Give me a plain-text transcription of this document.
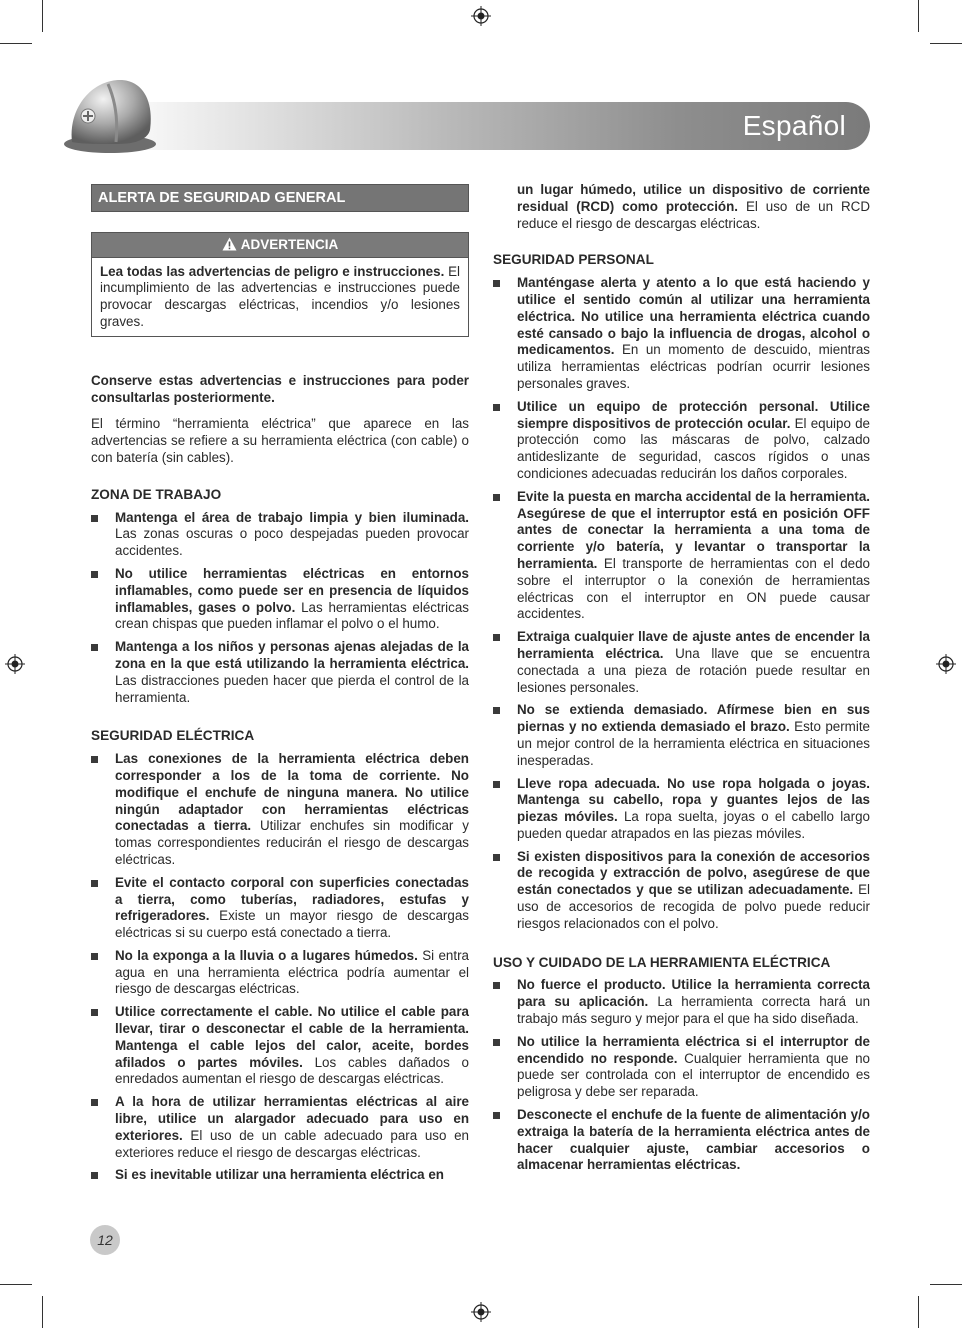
Español
ALERTA DE SEGURIDAD GENERAL
ADVERTENCIA
Lea todas las advertencias de peligro e instrucciones. El incumplimiento de las advertencias e instrucciones puede provocar descargas eléctricas, incendios y/o lesiones graves.

Conserve estas advertencias e instrucciones para poder consultarlas posteriormente.

El término “herramienta eléctrica” que aparece en las advertencias se refiere a su herramienta eléctrica (con cable) o con batería (sin cables).

ZONA DE TRABAJO
Mantenga el área de trabajo limpia y bien iluminada. Las zonas oscuras o poco despejadas pueden provocar accidentes.
No utilice herramientas eléctricas en entornos inflamables, como puede ser en presencia de líquidos inflamables, gases o polvo. Las herramientas eléctricas crean chispas que pueden inflamar el polvo o el humo.
Mantenga a los niños y personas ajenas alejadas de la zona en la que está utilizando la herramienta eléctrica. Las distracciones pueden hacer que pierda el control de la herramienta.
SEGURIDAD ELÉCTRICA
Las conexiones de la herramienta eléctrica deben corresponder a los de la toma de corriente. No modifique el enchufe de ninguna manera. No utilice ningún adaptador con herramientas eléctricas conectadas a tierra. Utilizar enchufes sin modificar y tomas correspondientes reducirán el riesgo de descargas eléctricas.
Evite el contacto corporal con superficies conectadas a tierra, como tuberías, radiadores, estufas y refrigeradores. Existe un mayor riesgo de descargas eléctricas si su cuerpo está conectado a tierra.
No la exponga a la lluvia o a lugares húmedos. Si entra agua en una herramienta eléctrica podría aumentar el riesgo de descargas eléctricas.
Utilice correctamente el cable. No utilice el cable para llevar, tirar o desconectar el cable de la herramienta. Mantenga el cable lejos del calor, aceite, bordes afilados o partes móviles. Los cables dañados o enredados aumentan el riesgo de descargas eléctricas.
A la hora de utilizar herramientas eléctricas al aire libre, utilice un alargador adecuado para uso en exteriores. El uso de un cable adecuado para uso en exteriores reduce el riesgo de descargas eléctricas.
Si es inevitable utilizar una herramienta eléctrica en

un lugar húmedo, utilice un dispositivo de corriente residual (RCD) como protección. El uso de un RCD reduce el riesgo de descargas eléctricas.

SEGURIDAD PERSONAL
Manténgase alerta y atento a lo que está haciendo y utilice el sentido común al utilizar una herramienta eléctrica. No utilice una herramienta eléctrica cuando esté cansado o bajo la influencia de drogas, alcohol o medicamentos. En un momento de descuido, mientras utiliza herramientas eléctricas podrían ocurrir lesiones personales graves.
Utilice un equipo de protección personal. Utilice siempre dispositivos de protección ocular. El equipo de protección como las máscaras de polvo, calzado antideslizante de seguridad, cascos rígidos o unas condiciones adecuadas reducirán los daños corporales.
Evite la puesta en marcha accidental de la herramienta. Asegúrese de que el interruptor está en posición OFF antes de conectar la herramienta a una toma de corriente y/o batería, y levantar o transportar la herramienta. El transporte de herramientas con el dedo sobre el interruptor o la conexión de herramientas eléctricas con el interruptor en ON puede causar accidentes.
Extraiga cualquier llave de ajuste antes de encender la herramienta eléctrica. Una llave que se encuentra conectada a una pieza de rotación puede resultar en lesiones personales.
No se extienda demasiado. Afírmese bien en sus piernas y no extienda demasiado el brazo. Esto permite un mejor control de la herramienta eléctrica en situaciones inesperadas.
Lleve ropa adecuada. No use ropa holgada o joyas. Mantenga su cabello, ropa y guantes lejos de las piezas móviles. La ropa suelta, joyas o el cabello largo pueden quedar atrapados en las piezas móviles.
Si existen dispositivos para la conexión de accesorios de recogida y extracción de polvo, asegúrese de que están conectados y que se utilizan adecuadamente. El uso de accesorios de recogida de polvo puede reducir riesgos relacionados con el polvo.
USO Y CUIDADO DE LA HERRAMIENTA ELÉCTRICA
No fuerce el producto. Utilice la herramienta correcta para su aplicación. La herramienta correcta hará un trabajo más seguro y mejor para el que ha sido diseñada.
No utilice la herramienta eléctrica si el interruptor de encendido no responde. Cualquier herramienta que no puede ser controlada con el interruptor de encendido es peligrosa y debe ser reparada.
Desconecte el enchufe de la fuente de alimentación y/o extraiga la batería de la herramienta eléctrica antes de hacer cualquier ajuste, cambiar accesorios o almacenar herramientas eléctricas.
12
